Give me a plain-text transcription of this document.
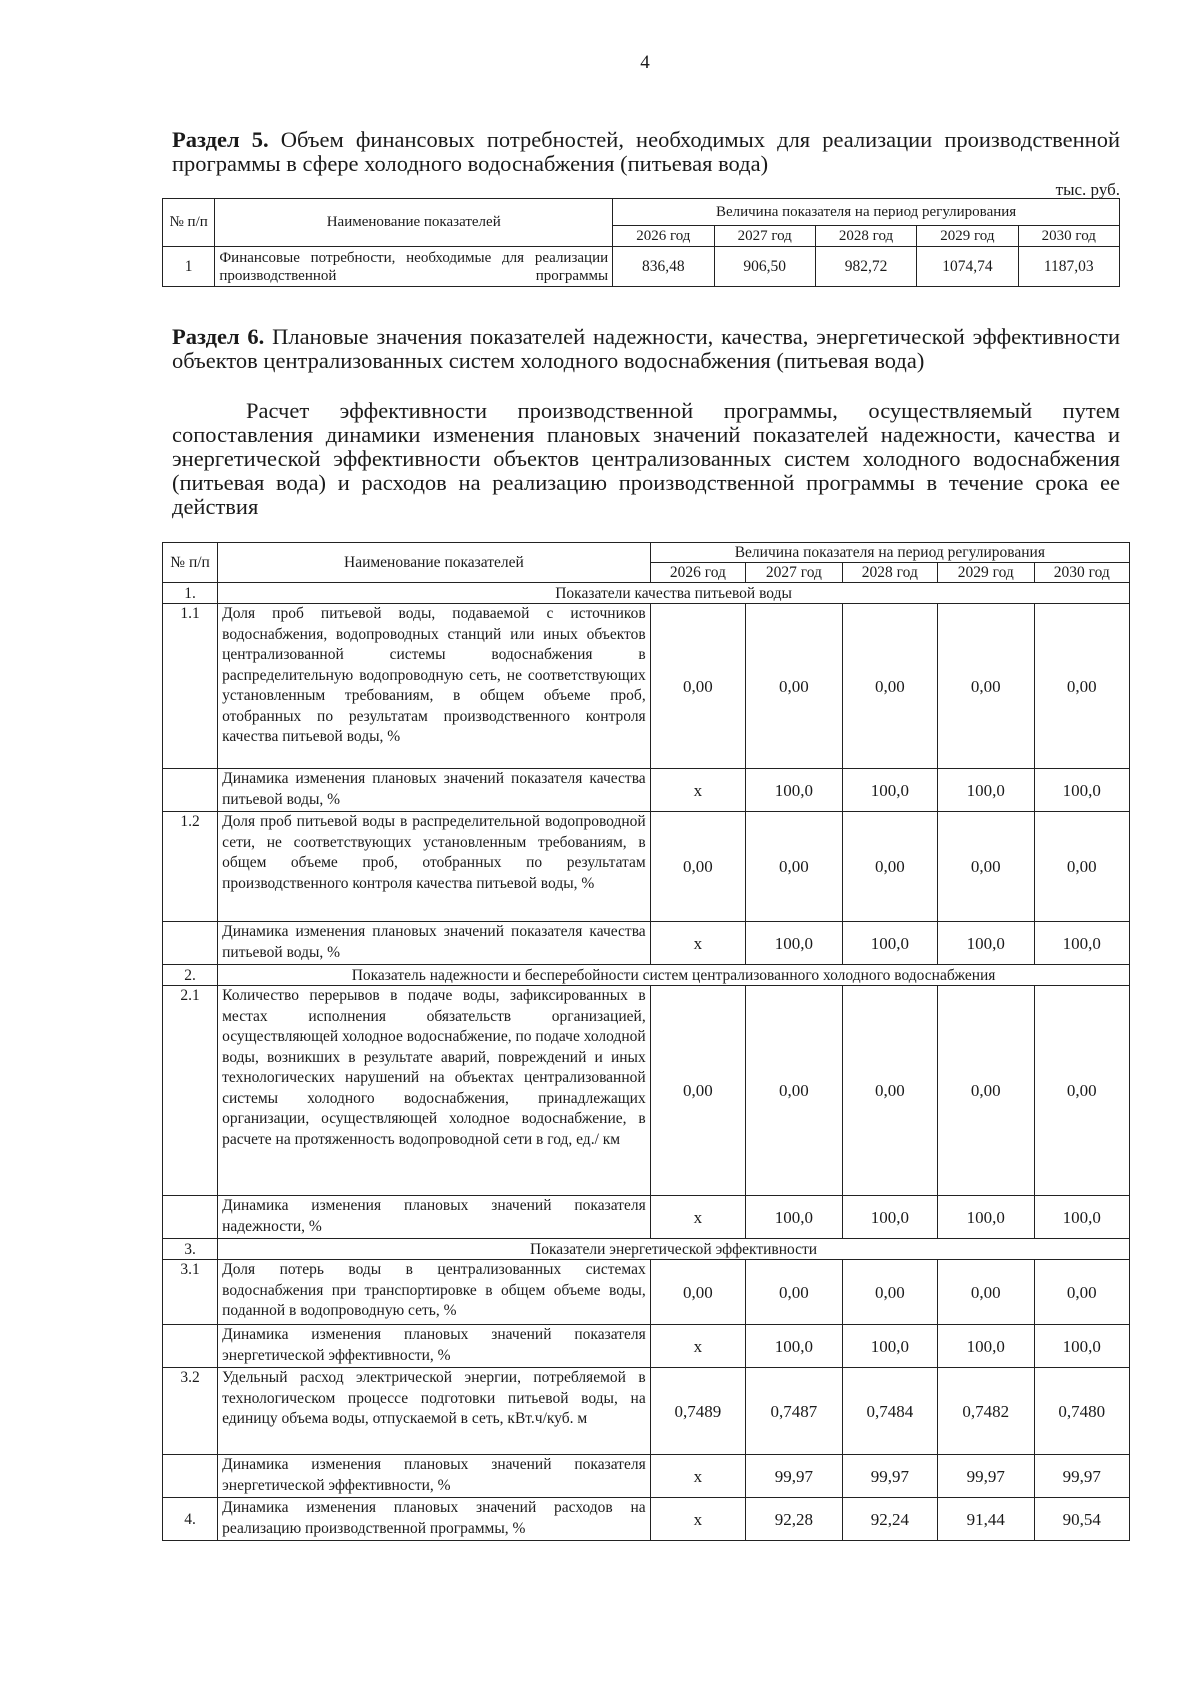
4
Раздел 5. Объем финансовых потребностей, необходимых для реализации производственной программы в сфере холодного водоснабжения (питьевая вода)
тыс. руб.
№ п/п	Наименование показателей	Величина показателя на период регулирования				
		2026 год	2027 год	2028 год	2029 год	2030 год
1	Финансовые потребности, необходимые для реализации производственной программы	836,48	906,50	982,72	1074,74	1187,03
Раздел 6. Плановые значения показателей надежности, качества, энергетической эффективности объектов централизованных систем холодного водоснабжения (питьевая вода)
Расчет эффективности производственной программы, осуществляемый путем сопоставления динамики изменения плановых значений показателей надежности, качества и энергетической эффективности объектов централизованных систем холодного водоснабжения (питьевая вода) и расходов на реализацию производственной программы в течение срока ее действия
№ п/п	Наименование показателей	Величина показателя на период регулирования				
		2026 год	2027 год	2028 год	2029 год	2030 год
1.	Показатели качества питьевой воды					
1.1	Доля проб питьевой воды, подаваемой с источников водоснабжения, водопроводных станций или иных объектов централизованной системы водоснабжения в распределительную водопроводную сеть, не соответствующих установленным требованиям, в общем объеме проб, отобранных по результатам производственного контроля качества питьевой воды, %	0,00	0,00	0,00	0,00	0,00
	Динамика изменения плановых значений показателя качества питьевой воды, %	х	100,0	100,0	100,0	100,0
1.2	Доля проб питьевой воды в распределительной водопроводной сети, не соответствующих установленным требованиям, в общем объеме проб, отобранных по результатам производственного контроля качества питьевой воды, %	0,00	0,00	0,00	0,00	0,00
	Динамика изменения плановых значений показателя качества питьевой воды, %	х	100,0	100,0	100,0	100,0
2.	Показатель надежности и бесперебойности систем централизованного холодного водоснабжения					
2.1	Количество перерывов в подаче воды, зафиксированных в местах исполнения обязательств организацией, осуществляющей холодное водоснабжение, по подаче холодной воды, возникших в результате аварий, повреждений и иных технологических нарушений на объектах централизованной системы холодного водоснабжения, принадлежащих организации, осуществляющей холодное водоснабжение, в расчете на протяженность водопроводной сети в год, ед./ км	0,00	0,00	0,00	0,00	0,00
	Динамика изменения плановых значений показателя надежности, %	х	100,0	100,0	100,0	100,0
3.	Показатели энергетической эффективности					
3.1	Доля потерь воды в централизованных системах водоснабжения при транспортировке в общем объеме воды, поданной в водопроводную сеть, %	0,00	0,00	0,00	0,00	0,00
	Динамика изменения плановых значений показателя энергетической эффективности, %	х	100,0	100,0	100,0	100,0
3.2	Удельный расход электрической энергии, потребляемой в технологическом процессе подготовки питьевой воды, на единицу объема воды, отпускаемой в сеть, кВт.ч/куб. м	0,7489	0,7487	0,7484	0,7482	0,7480
	Динамика изменения плановых значений показателя энергетической эффективности, %	х	99,97	99,97	99,97	99,97
4.	Динамика изменения плановых значений расходов на реализацию производственной программы, %	х	92,28	92,24	91,44	90,54
